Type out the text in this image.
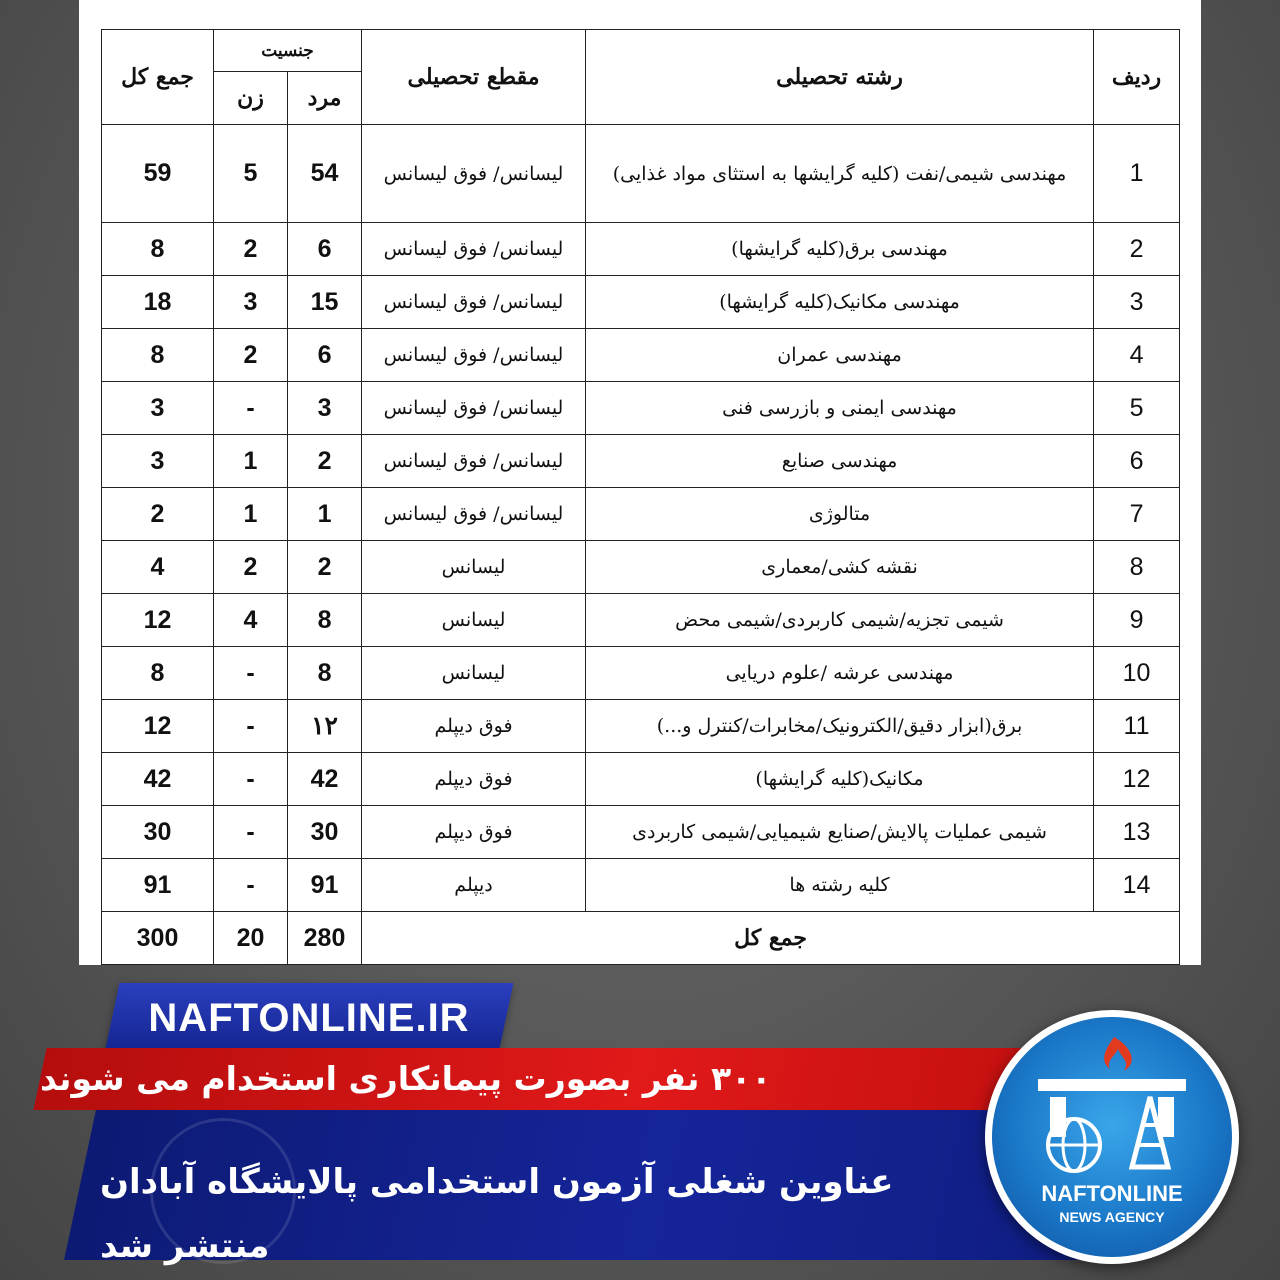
ردیف	رشته تحصیلی	مقطع تحصیلی	جنسیت		جمع کل
			مرد	زن	
1	مهندسی شیمی/نفت (کلیه گرایشها به استثای مواد غذایی)	لیسانس/ فوق لیسانس	54	5	59
2	مهندسی برق(کلیه گرایشها)	لیسانس/ فوق لیسانس	6	2	8
3	مهندسی مکانیک(کلیه گرایشها)	لیسانس/ فوق لیسانس	15	3	18
4	مهندسی عمران	لیسانس/ فوق لیسانس	6	2	8
5	مهندسی ایمنی و بازرسی فنی	لیسانس/ فوق لیسانس	3	-	3
6	مهندسی صنایع	لیسانس/ فوق لیسانس	2	1	3
7	متالوژی	لیسانس/ فوق لیسانس	1	1	2
8	نقشه کشی/معماری	لیسانس	2	2	4
9	شیمی تجزیه/شیمی کاربردی/شیمی محض	لیسانس	8	4	12
10	مهندسی عرشه /علوم دریایی	لیسانس	8	-	8
11	برق(ابزار دقیق/الکترونیک/مخابرات/کنترل و...)	فوق دیپلم	۱۲	-	12
12	مکانیک(کلیه گرایشها)	فوق دیپلم	42	-	42
13	شیمی عملیات پالایش/صنایع شیمیایی/شیمی کاربردی	فوق دیپلم	30	-	30
14	کلیه رشته ها	دیپلم	91	-	91
جمع کل			280	20	300
NAFTONLINE.IR
۳۰۰ نفر بصورت پیمانکاری استخدام می شوند
عناوین شغلی آزمون استخدامی پالایشگاه آبادان منتشر شد
NAFTONLINE
NEWS AGENCY
